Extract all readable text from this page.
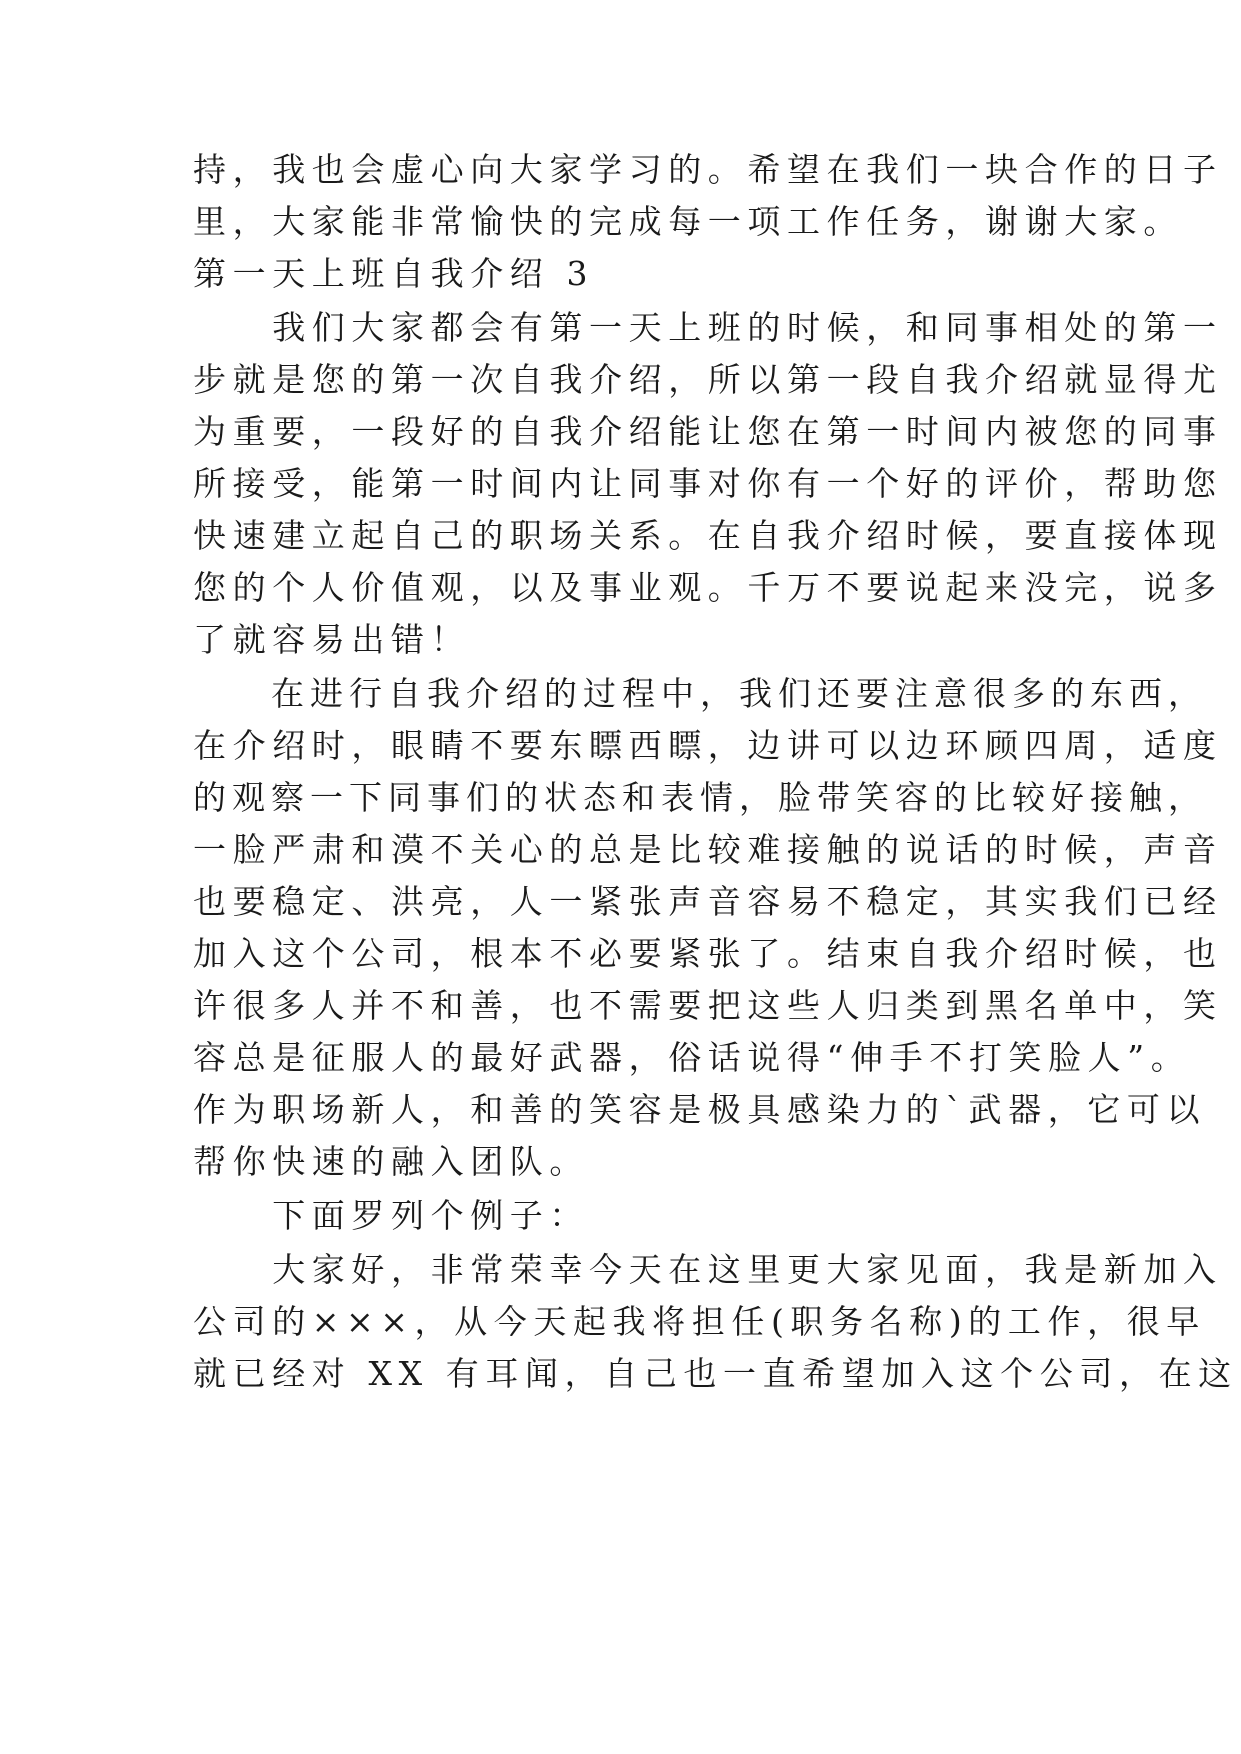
持，我也会虚心向大家学习的。希望在我们一块合作的日子
里，大家能非常愉快的完成每一项工作任务，谢谢大家。
第一天上班自我介绍 3
　　我们大家都会有第一天上班的时候，和同事相处的第一
步就是您的第一次自我介绍，所以第一段自我介绍就显得尤
为重要，一段好的自我介绍能让您在第一时间内被您的同事
所接受，能第一时间内让同事对你有一个好的评价，帮助您
快速建立起自己的职场关系。在自我介绍时候，要直接体现
您的个人价值观，以及事业观。千万不要说起来没完，说多
了就容易出错！
　　在进行自我介绍的过程中，我们还要注意很多的东西，
在介绍时，眼睛不要东瞟西瞟，边讲可以边环顾四周，适度
的观察一下同事们的状态和表情，脸带笑容的比较好接触，
一脸严肃和漠不关心的总是比较难接触的说话的时候，声音
也要稳定、洪亮，人一紧张声音容易不稳定，其实我们已经
加入这个公司，根本不必要紧张了。结束自我介绍时候，也
许很多人并不和善，也不需要把这些人归类到黑名单中，笑
容总是征服人的最好武器，俗话说得“伸手不打笑脸人”。
作为职场新人，和善的笑容是极具感染力的`武器，它可以
帮你快速的融入团队。
　　下面罗列个例子：
　　大家好，非常荣幸今天在这里更大家见面，我是新加入
公司的×××，从今天起我将担任(职务名称)的工作，很早
就已经对 XX 有耳闻，自己也一直希望加入这个公司，在这
